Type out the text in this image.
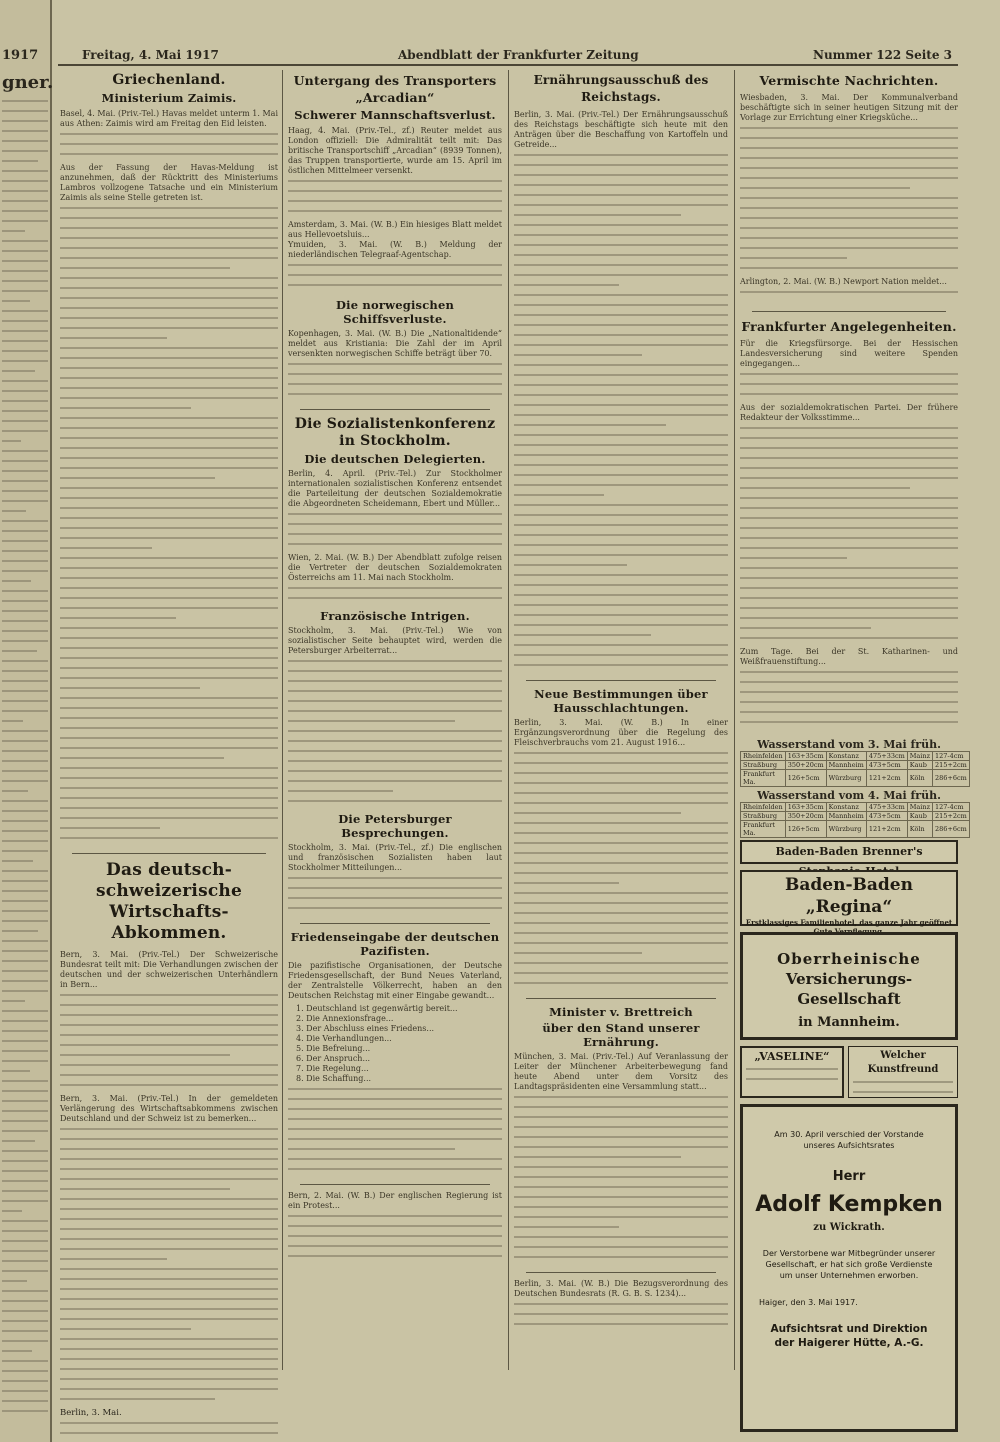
1917
gner.
Freitag, 4. Mai 1917	Abendblatt der Frankfurter Zeitung	Nummer 122 Seite 3
Griechenland.
Ministerium Zaimis.
Basel, 4. Mai. (Priv.-Tel.) Havas meldet unterm 1. Mai aus Athen: Zaimis wird am Freitag den Eid leisten.
Aus der Fassung der Havas-Meldung ist anzunehmen, daß der Rücktritt des Ministeriums Lambros vollzogene Tatsache und ein Ministerium Zaimis als seine Stelle getreten ist.
Das deutsch-schweizerische
Wirtschafts-Abkommen.
Bern, 3. Mai. (Priv.-Tel.) Der Schweizerische Bundesrat teilt mit: Die Verhandlungen zwischen der deutschen und der schweizerischen Unterhändlern in Bern...
Bern, 3. Mai. (Priv.-Tel.) In der gemeldeten Verlängerung des Wirtschaftsabkommens zwischen Deutschland und der Schweiz ist zu bemerken...
Berlin, 3. Mai.
Untergang des Transporters „Arcadian“
Schwerer Mannschaftsverlust.
Haag, 4. Mai. (Priv.-Tel., zf.) Reuter meldet aus London offiziell: Die Admiralität teilt mit: Das britische Transportschiff „Arcadian“ (8939 Tonnen), das Truppen transportierte, wurde am 15. April im östlichen Mittelmeer versenkt.
Amsterdam, 3. Mai. (W. B.) Ein hiesiges Blatt meldet aus Hellevoetsluis...
Ymuiden, 3. Mai. (W. B.) Meldung der niederländischen Telegraaf-Agentschap.
Die norwegischen Schiffsverluste.
Kopenhagen, 3. Mai. (W. B.) Die „Nationaltidende“ meldet aus Kristiania: Die Zahl der im April versenkten norwegischen Schiffe beträgt über 70.
Die Sozialistenkonferenz in Stockholm.
Die deutschen Delegierten.
Berlin, 4. April. (Priv.-Tel.) Zur Stockholmer internationalen sozialistischen Konferenz entsendet die Parteileitung der deutschen Sozialdemokratie die Abgeordneten Scheidemann, Ebert und Müller...
Wien, 2. Mai. (W. B.) Der Abendblatt zufolge reisen die Vertreter der deutschen Sozialdemokraten Österreichs am 11. Mai nach Stockholm.
Französische Intrigen.
Stockholm, 3. Mai. (Priv.-Tel.) Wie von sozialistischer Seite behauptet wird, werden die Petersburger Arbeiterrat...
Die Petersburger Besprechungen.
Stockholm, 3. Mai. (Priv.-Tel., zf.) Die englischen und französischen Sozialisten haben laut Stockholmer Mitteilungen...
Friedenseingabe der deutschen Pazifisten.
Die pazifistische Organisationen, der Deutsche Friedensgesellschaft, der Bund Neues Vaterland, der Zentralstelle Völkerrecht, haben an den Deutschen Reichstag mit einer Eingabe gewandt...
1. Deutschland ist gegenwärtig bereit...
2. Die Annexionsfrage...
3. Der Abschluss eines Friedens...
4. Die Verhandlungen...
5. Die Befreiung...
6. Der Anspruch...
7. Die Regelung...
8. Die Schaffung...
Bern, 2. Mai. (W. B.) Der englischen Regierung ist ein Protest...
Ernährungsausschuß des Reichstags.
Berlin, 3. Mai. (Priv.-Tel.) Der Ernährungsausschuß des Reichstags beschäftigte sich heute mit den Anträgen über die Beschaffung von Kartoffeln und Getreide...
Neue Bestimmungen über Hausschlachtungen.
Berlin, 3. Mai. (W. B.) In einer Ergänzungsverordnung über die Regelung des Fleischverbrauchs vom 21. August 1916...
Minister v. Brettreich
über den Stand unserer Ernährung.
München, 3. Mai. (Priv.-Tel.) Auf Veranlassung der Leiter der Münchener Arbeiterbewegung fand heute Abend unter dem Vorsitz des Landtagspräsidenten eine Versammlung statt...
Berlin, 3. Mai. (W. B.) Die Bezugsverordnung des Deutschen Bundesrats (R. G. B. S. 1234)...
Vermischte Nachrichten.
Wiesbaden, 3. Mai. Der Kommunalverband beschäftigte sich in seiner heutigen Sitzung mit der Vorlage zur Errichtung einer Kriegsküche...
Arlington, 2. Mai. (W. B.) Newport Nation meldet...
Frankfurter Angelegenheiten.
Für die Kriegsfürsorge. Bei der Hessischen Landesversicherung sind weitere Spenden eingegangen...
Aus der sozialdemokratischen Partei. Der frühere Redakteur der Volksstimme...
Zum Tage. Bei der St. Katharinen- und Weißfrauenstiftung...
Wasserstand vom 3. Mai früh.
Rheinfelden	163+35cm	Konstanz	475+33cm	Mainz	127-4cm
Straßburg	350+20cm	Mannheim	473+5cm	Kaub	215+2cm
Frankfurt Ma.	126+5cm	Würzburg	121+2cm	Köln	286+6cm
Wasserstand vom 4. Mai früh.
Rheinfelden	163+35cm	Konstanz	475+33cm	Mainz	127-4cm
Straßburg	350+20cm	Mannheim	473+5cm	Kaub	215+2cm
Frankfurt Ma.	126+5cm	Würzburg	121+2cm	Köln	286+6cm
Baden-Baden Brenner's
Baden-Baden „Regina“
Erstklassiges Familienhotel, das ganze Jahr geöffnet
Oberrheinische
Versicherungs-Gesellschaft
in Mannheim.
„VASELINE“	Welcher Kunstfreund
Am 30. April verschied der Vorstande unseres Aufsichtsrates
Herr
Adolf Kempken
zu Wickrath.
Der Verstorbene war Mitbegründer unserer Gesellschaft, er hat sich große Verdienste um unser Unternehmen erworben.
Haiger, den 3. Mai 1917.
Aufsichtsrat und Direktion
der Haigerer Hütte, A.-G.
